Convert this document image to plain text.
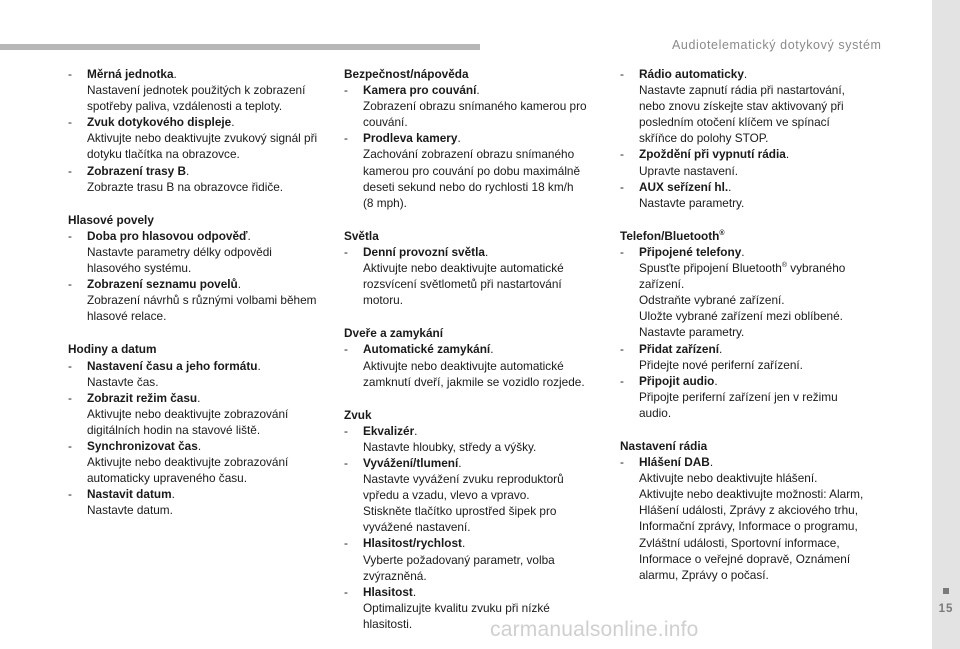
Audiotelematický dotykový systém
15
- Měrná jednotka.
Nastavení jednotek použitých k zobrazení
spotřeby paliva, vzdálenosti a teploty.
- Zvuk dotykového displeje.
Aktivujte nebo deaktivujte zvukový signál při
dotyku tlačítka na obrazovce.
- Zobrazení trasy B.
Zobrazte trasu B na obrazovce řidiče.
Hlasové povely
- Doba pro hlasovou odpověď.
Nastavte parametry délky odpovědi
hlasového systému.
- Zobrazení seznamu povelů.
Zobrazení návrhů s různými volbami během
hlasové relace.
Hodiny a datum
- Nastavení času a jeho formátu.
Nastavte čas.
- Zobrazit režim času.
Aktivujte nebo deaktivujte zobrazování
digitálních hodin na stavové liště.
- Synchronizovat čas.
Aktivujte nebo deaktivujte zobrazování
automaticky upraveného času.
- Nastavit datum.
Nastavte datum.
Bezpečnost/nápověda
- Kamera pro couvání.
Zobrazení obrazu snímaného kamerou pro
couvání.
- Prodleva kamery.
Zachování zobrazení obrazu snímaného
kamerou pro couvání po dobu maximálně
deseti sekund nebo do rychlosti 18 km/h
(8 mph).
Světla
- Denní provozní světla.
Aktivujte nebo deaktivujte automatické
rozsvícení světlometů při nastartování
motoru.
Dveře a zamykání
- Automatické zamykání.
Aktivujte nebo deaktivujte automatické
zamknutí dveří, jakmile se vozidlo rozjede.
Zvuk
- Ekvalizér.
Nastavte hloubky, středy a výšky.
- Vyvážení/tlumení.
Nastavte vyvážení zvuku reproduktorů
vpředu a vzadu, vlevo a vpravo.
Stiskněte tlačítko uprostřed šipek pro
vyvážené nastavení.
- Hlasitost/rychlost.
Vyberte požadovaný parametr, volba
zvýrazněná.
- Hlasitost.
Optimalizujte kvalitu zvuku při nízké
hlasitosti.
- Rádio automaticky.
Nastavte zapnutí rádia při nastartování,
nebo znovu získejte stav aktivovaný při
posledním otočení klíčem ve spínací
skříňce do polohy STOP.
- Zpoždění při vypnutí rádia.
Upravte nastavení.
- AUX seřízení hl..
Nastavte parametry.
Telefon/Bluetooth®
- Připojené telefony.
Spusťte připojení Bluetooth® vybraného
zařízení.
Odstraňte vybrané zařízení.
Uložte vybrané zařízení mezi oblíbené.
Nastavte parametry.
- Přidat zařízení.
Přidejte nové periferní zařízení.
- Připojit audio.
Připojte periferní zařízení jen v režimu
audio.
Nastavení rádia
- Hlášení DAB.
Aktivujte nebo deaktivujte hlášení.
Aktivujte nebo deaktivujte možnosti: Alarm,
Hlášení události, Zprávy z akciového trhu,
Informační zprávy, Informace o programu,
Zvláštní události, Sportovní informace,
Informace o veřejné dopravě, Oznámení
alarmu, Zprávy o počasí.
carmanualsonline.info
